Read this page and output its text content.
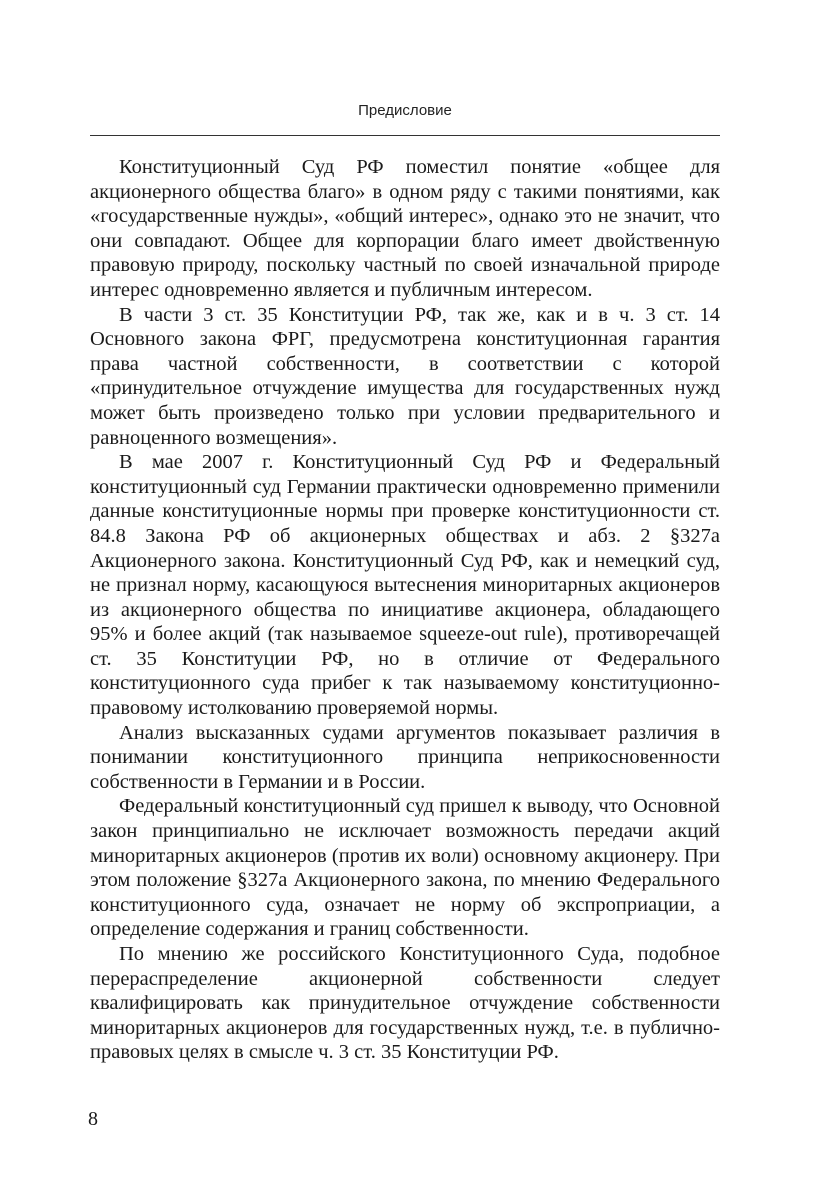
Предисловие

Конституционный Суд РФ поместил понятие «общее для акционерного общества благо» в одном ряду с такими понятиями, как «государственные нужды», «общий интерес», однако это не значит, что они совпадают. Общее для корпорации благо имеет двойственную правовую природу, поскольку частный по своей изначальной природе интерес одновременно является и публичным интересом.

В части 3 ст. 35 Конституции РФ, так же, как и в ч. 3 ст. 14 Основного закона ФРГ, предусмотрена конституционная гарантия права частной собственности, в соответствии с которой «принудительное отчуждение имущества для государственных нужд может быть произведено только при условии предварительного и равноценного возмещения».

В мае 2007 г. Конституционный Суд РФ и Федеральный конституционный суд Германии практически одновременно применили данные конституционные нормы при проверке конституционности ст. 84.8 Закона РФ об акционерных обществах и абз. 2 §327a Акционерного закона. Конституционный Суд РФ, как и немецкий суд, не признал норму, касающуюся вытеснения миноритарных акционеров из акционерного общества по инициативе акционера, обладающего 95% и более акций (так называемое squeeze-out rule), противоречащей ст. 35 Конституции РФ, но в отличие от Федерального конституционного суда прибег к так называемому конституционно-правовому истолкованию проверяемой нормы.

Анализ высказанных судами аргументов показывает различия в понимании конституционного принципа неприкосновенности собственности в Германии и в России.

Федеральный конституционный суд пришел к выводу, что Основной закон принципиально не исключает возможность передачи акций миноритарных акционеров (против их воли) основному акционеру. При этом положение §327a Акционерного закона, по мнению Федерального конституционного суда, означает не норму об экспроприации, а определение содержания и границ собственности.

По мнению же российского Конституционного Суда, подобное перераспределение акционерной собственности следует квалифицировать как принудительное отчуждение собственности миноритарных акционеров для государственных нужд, т.е. в публично-правовых целях в смысле ч. 3 ст. 35 Конституции РФ.

8
